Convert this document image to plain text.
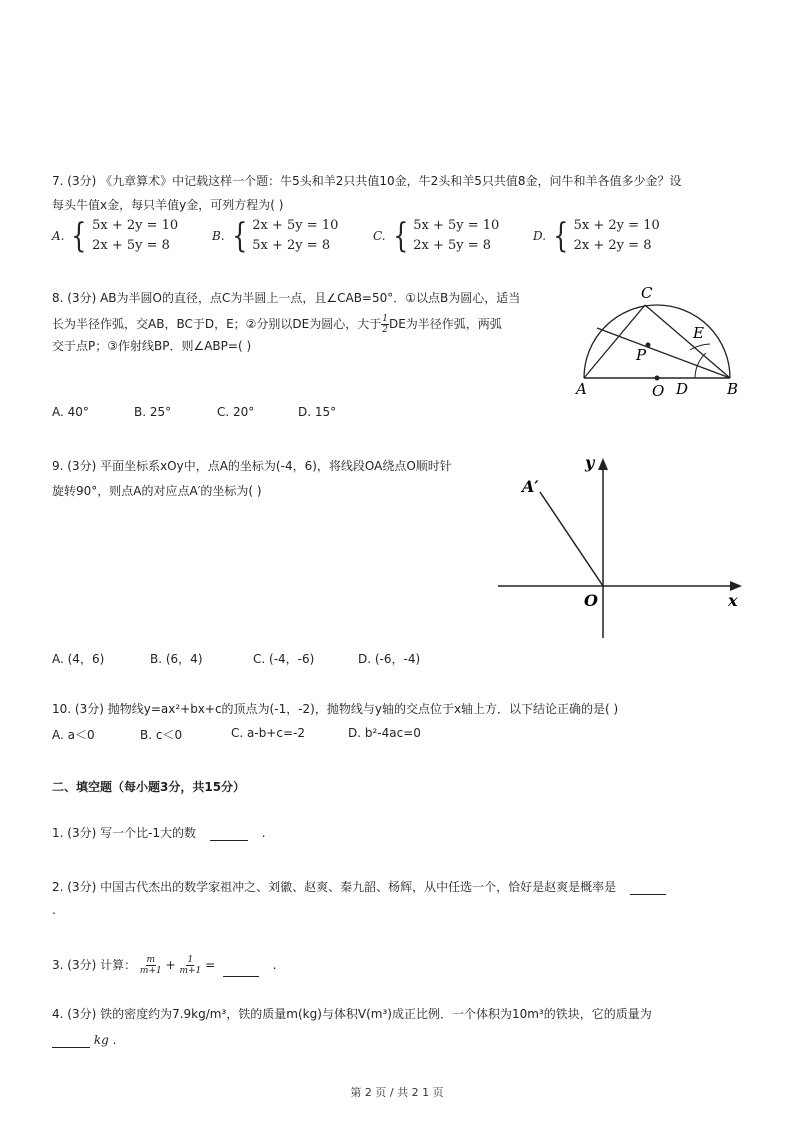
7. (3分) 《九章算术》中记载这样一个题：牛5头和羊2只共值10金，牛2头和羊5只共值8金，问牛和羊各值多少金？设
每头牛值x金，每只羊值y金，可列方程为( )
A. { 5x + 2y = 10
2x + 5y = 8
B. { 2x + 5y = 10
5x + 2y = 8
C. { 5x + 5y = 10
2x + 5y = 8
D. { 5x + 2y = 10
2x + 2y = 8
8. (3分) AB为半圆O的直径，点C为半圆上一点，且∠CAB=50°．①以点B为圆心，适当
长为半径作弧，交AB，BC于D，E；②分别以DE为圆心，大于 $\frac{1}{2}$ DE为半径作弧，两弧
交于点P；③作射线BP．则∠ABP=( )
C
E
P
A	O D	B
A. 40°	B. 25°	C. 20°	D. 15°
9. (3分) 平面坐标系xOy中，点A的坐标为(-4，6)，将线段OA绕点O顺时针
旋转90°，则点A的对应点A′的坐标为( )
y
x
O
A′
A. (4，6)	B. (6，4)	C. (-4，-6)	D. (-6，-4)
10. (3分) 抛物线y=ax²+bx+c的顶点为(-1，-2)，抛物线与y轴的交点位于x轴上方．以下结论正确的是( )
A. a＜0	B. c＜0	C. a-b+c=-2	D. b²-4ac=0
二、填空题（每小题3分，共15分）
1. (3分) 写一个比-1大的数	.
2. (3分) 中国古代杰出的数学家祖冲之、刘徽、赵爽、秦九韶、杨辉，从中任选一个，恰好是赵爽是概率是
.
3. (3分) 计算： $\frac{m}{m+1} + \frac{1}{m+1}$ =	.
4. (3分) 铁的密度约为7.9kg/m³，铁的质量m(kg)与体积V(m³)成正比例．一个体积为10m³的铁块，它的质量为
kg .
第 2 页 / 共 2 1 页
